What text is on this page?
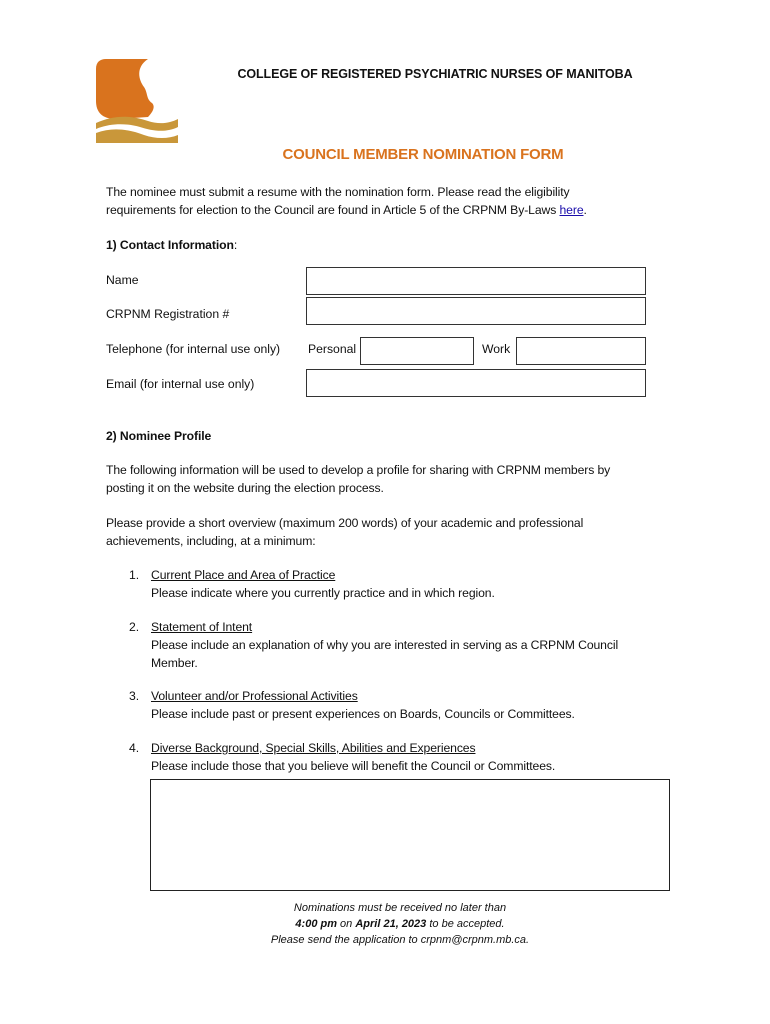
COLLEGE OF REGISTERED PSYCHIATRIC NURSES OF MANITOBA
COUNCIL MEMBER NOMINATION FORM
The nominee must submit a resume with the nomination form. Please read the eligibility
requirements for election to the Council are found in Article 5 of the CRPNM By-Laws here.
1) Contact Information:
Name
CRPNM Registration #
Telephone (for internal use only) Personal	Work
Email (for internal use only)
2) Nominee Profile
The following information will be used to develop a profile for sharing with CRPNM members by
posting it on the website during the election process.
Please provide a short overview (maximum 200 words) of your academic and professional
achievements, including, at a minimum:
1. Current Place and Area of Practice
Please indicate where you currently practice and in which region.
2. Statement of Intent
Please include an explanation of why you are interested in serving as a CRPNM Council
Member.
3. Volunteer and/or Professional Activities
Please include past or present experiences on Boards, Councils or Committees.
4. Diverse Background, Special Skills, Abilities and Experiences
Please include those that you believe will benefit the Council or Committees.
Nominations must be received no later than
4:00 pm on April 21, 2023 to be accepted.
Please send the application to crpnm@crpnm.mb.ca.
